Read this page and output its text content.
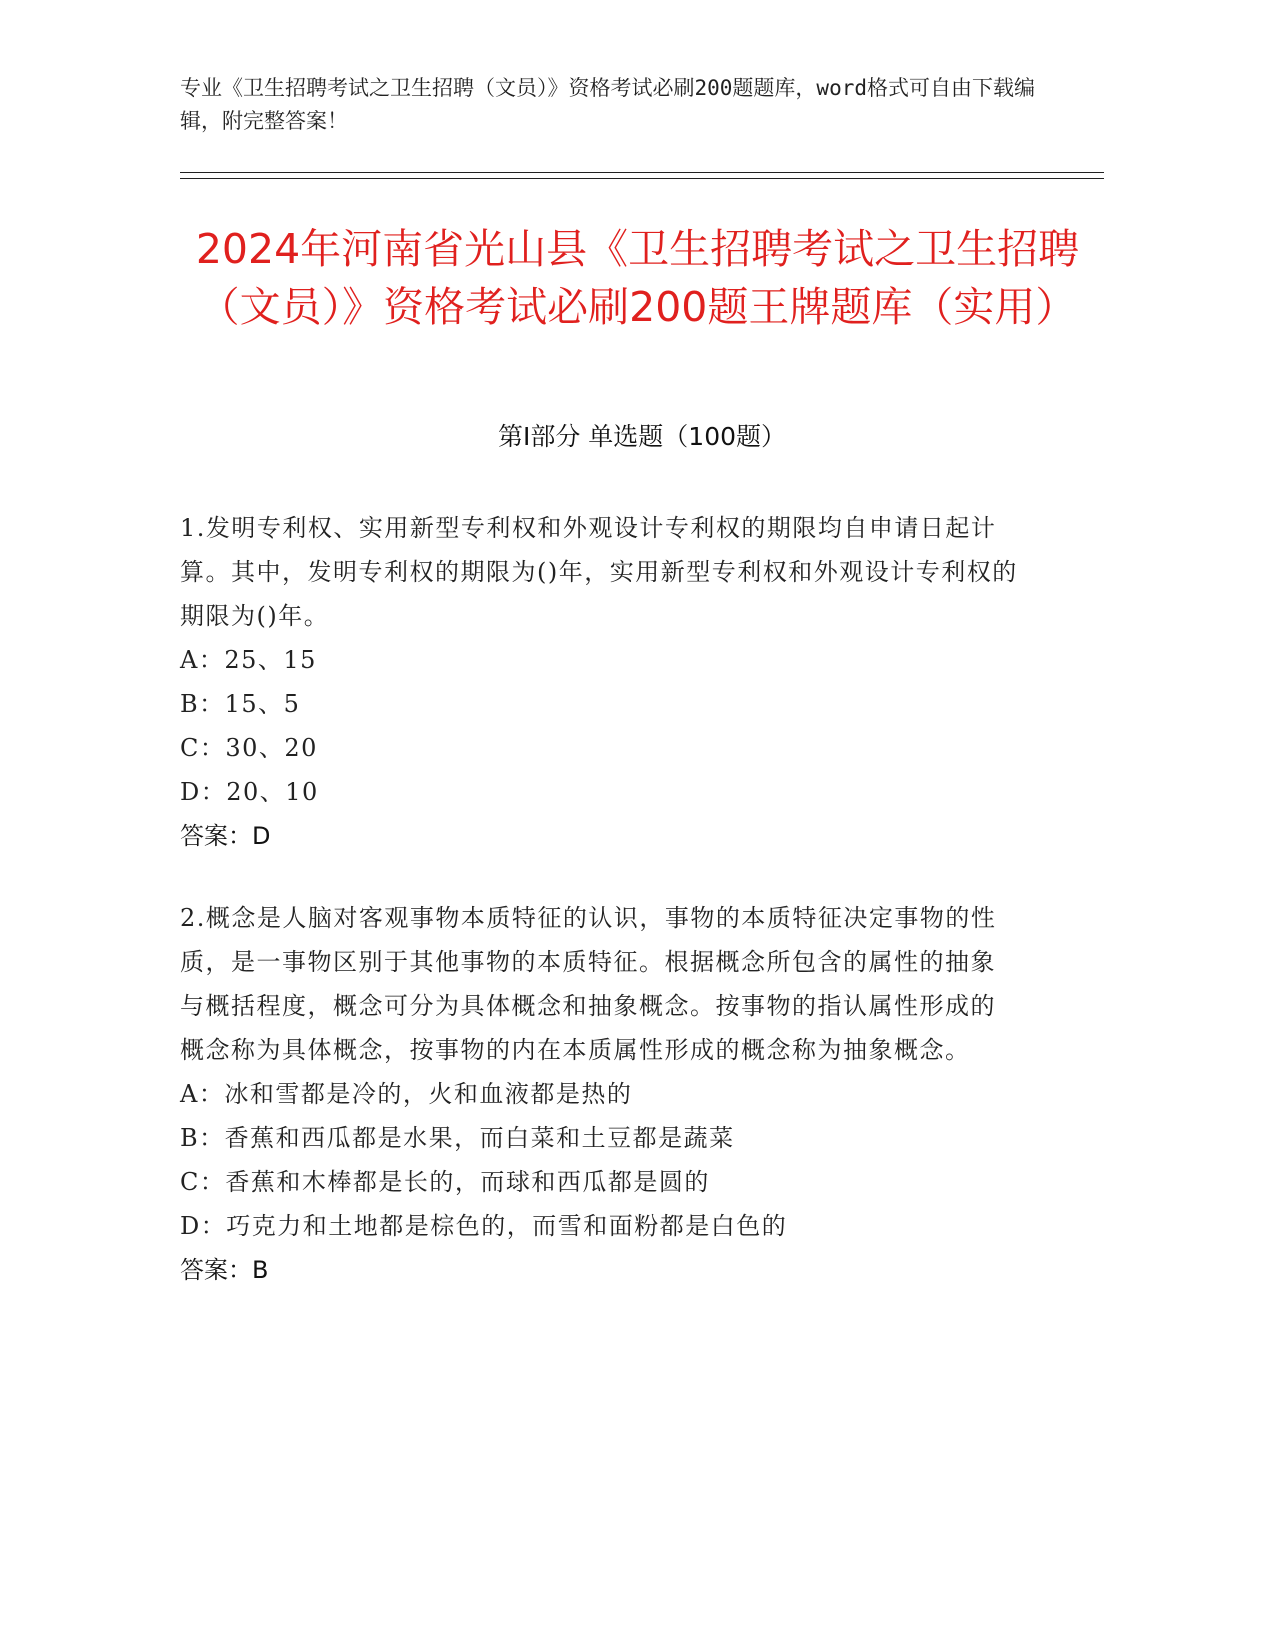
专业《卫生招聘考试之卫生招聘（文员）》资格考试必刷200题题库，word格式可自由下载编辑，附完整答案！
2024年河南省光山县《卫生招聘考试之卫生招聘（文员）》资格考试必刷200题王牌题库（实用）
第Ⅰ部分 单选题（100题）

1.发明专利权、实用新型专利权和外观设计专利权的期限均自申请日起计算。其中，发明专利权的期限为()年，实用新型专利权和外观设计专利权的期限为()年。

A：25、15

B：15、5

C：30、20

D：20、10

答案：D

2.概念是人脑对客观事物本质特征的认识，事物的本质特征决定事物的性质，是一事物区别于其他事物的本质特征。根据概念所包含的属性的抽象与概括程度，概念可分为具体概念和抽象概念。按事物的指认属性形成的概念称为具体概念，按事物的内在本质属性形成的概念称为抽象概念。

A：冰和雪都是冷的，火和血液都是热的

B：香蕉和西瓜都是水果，而白菜和土豆都是蔬菜

C：香蕉和木棒都是长的，而球和西瓜都是圆的

D：巧克力和土地都是棕色的，而雪和面粉都是白色的

答案：B
